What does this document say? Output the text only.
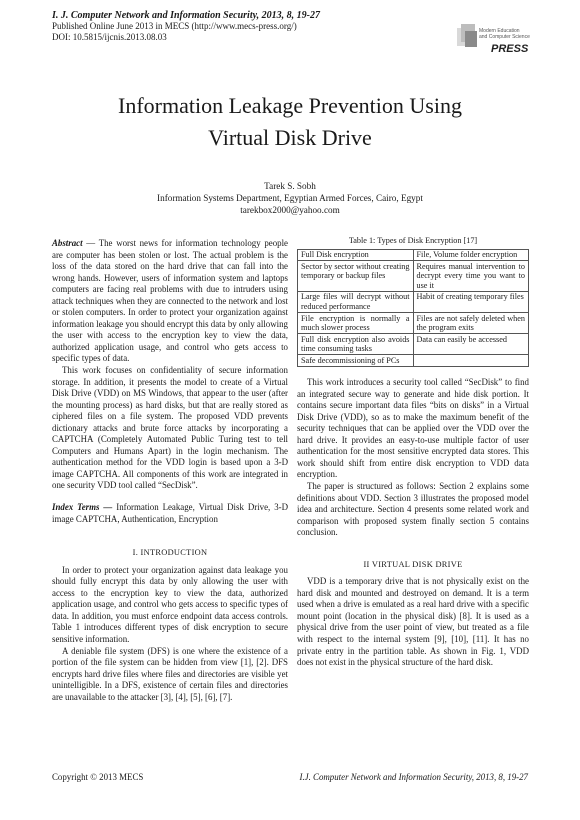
I. J. Computer Network and Information Security, 2013, 8, 19-27
Published Online June 2013 in MECS (http://www.mecs-press.org/)
DOI: 10.5815/ijcnis.2013.08.03
Modern Education
and Computer Science
PRESS
Information Leakage Prevention Using
Virtual Disk Drive
Tarek S. Sobh
Information Systems Department, Egyptian Armed Forces, Cairo, Egypt
tarekbox2000@yahoo.com

Abstract — The worst news for information technology people are computer has been stolen or lost. The actual problem is the loss of the data stored on the hard drive that can fall into the wrong hands. However, users of information system and laptops computers are facing real problems with due to intruders using attack techniques when they are connected to the network and lost or stolen computers. In order to protect your organization against information leakage you should encrypt this data by only allowing the user with access to the encryption key to view the data, authorized application usage, and control who gets access to specific types of data.

This work focuses on confidentiality of secure information storage. In addition, it presents the model to create of a Virtual Disk Drive (VDD) on MS Windows, that appear to the user (after the mounting process) as hard disks, but that are really stored as ciphered files on a file system. The proposed VDD prevents dictionary attacks and brute force attacks by incorporating a CAPTCHA (Completely Automated Public Turing test to tell Computers and Humans Apart) in the login mechanism. The authentication method for the VDD login is based upon a 3-D image CAPTCHA. All components of this work are integrated in one security VDD tool called “SecDisk”.

Index Terms — Information Leakage, Virtual Disk Drive, 3-D image CAPTCHA, Authentication, Encryption

I. INTRODUCTION

In order to protect your organization against data leakage you should fully encrypt this data by only allowing the user with access to the encryption key to view the data, authorized application usage, and control who gets access to specific types of data. In addition, you must enforce endpoint data access controls. Table 1 introduces different types of disk encryption to secure sensitive information.

A deniable file system (DFS) is one where the existence of a portion of the file system can be hidden from view [1], [2]. DFS encrypts hard drive files where files and directories are visible yet unintelligible. In a DFS, existence of certain files and directories are unavailable to the attacker [3], [4], [5], [6], [7].

Table 1: Types of Disk Encryption [17]
Full Disk encryption	File, Volume folder encryption
Sector by sector without creating temporary or backup files	Requires manual intervention to decrypt every time you want to use it
Large files will decrypt without reduced performance	Habit of creating temporary files
File encryption is normally a much slower process	Files are not safely deleted when the program exits
Full disk encryption also avoids time consuming tasks	Data can easily be accessed
Safe decommissioning of PCs	

This work introduces a security tool called “SecDisk” to find an integrated secure way to generate and hide disk portion. It contains secure important data files “bits on disks” in a Virtual Disk Drive (VDD), so as to make the maximum benefit of the security techniques that can be applied over the VDD over the hard drive. It provides an easy-to-use multiple factor of user authentication for the most sensitive encrypted data stores. This work should shift from entire disk encryption to VDD data encryption.

The paper is structured as follows: Section 2 explains some definitions about VDD. Section 3 illustrates the proposed model idea and architecture. Section 4 presents some related work and comparison with proposed system finally section 5 contains conclusion.

II VIRTUAL DISK DRIVE

VDD is a temporary drive that is not physically exist on the hard disk and mounted and destroyed on demand. It is a term used when a drive is emulated as a real hard drive with a specific mount point (location in the physical disk) [8]. It is used as a physical drive from the user point of view, but treated as a file with respect to the internal system [9], [10], [11]. It has no private entry in the partition table. As shown in Fig. 1, VDD does not exist in the physical structure of the hard disk.

Copyright © 2013 MECS	I.J. Computer Network and Information Security, 2013, 8, 19-27
